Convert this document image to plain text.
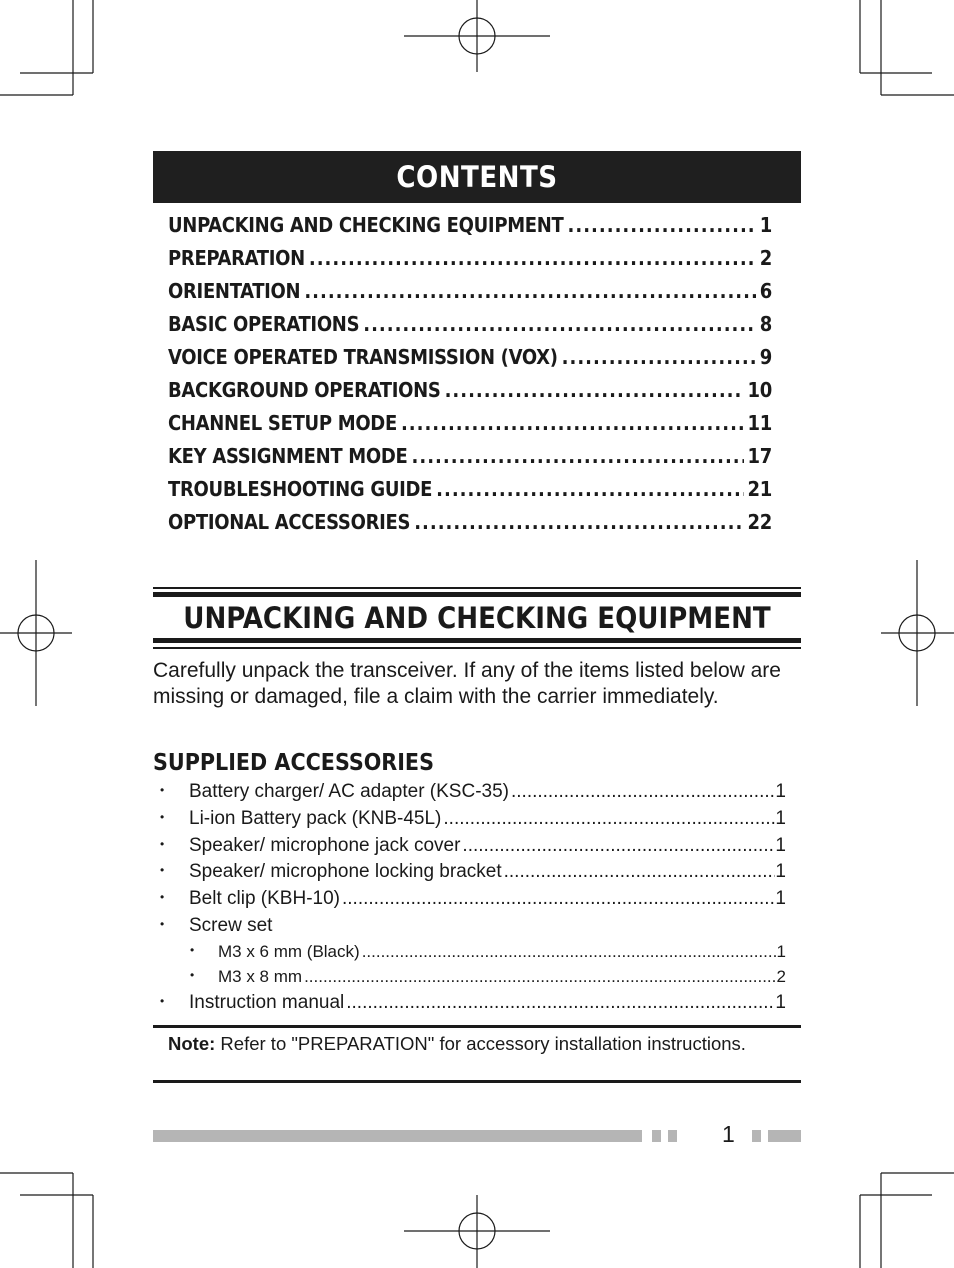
CONTENTS
UNPACKING AND CHECKING EQUIPMENT .....	1
PREPARATION .....	2
ORIENTATION .....	6
BASIC OPERATIONS .....	8
VOICE OPERATED TRANSMISSION (VOX) .....	9
BACKGROUND OPERATIONS .....	10
CHANNEL SETUP MODE .....	11
KEY ASSIGNMENT MODE .....	17
TROUBLESHOOTING GUIDE .....	21
OPTIONAL ACCESSORIES .....	22
UNPACKING AND CHECKING EQUIPMENT
Carefully unpack the transceiver. If any of the items listed below are missing or damaged, file a claim with the carrier immediately.
SUPPLIED ACCESSORIES
•	Battery charger/ AC adapter (KSC-35) .....	1
•	Li-ion Battery pack (KNB-45L) .....	1
•	Speaker/ microphone jack cover .....	1
•	Speaker/ microphone locking bracket .....	1
•	Belt clip (KBH-10) .....	1
•	Screw set
•	M3 x 6 mm (Black) .....	1
•	M3 x 8 mm .....	2
•	Instruction manual .....	1
Note: Refer to "PREPARATION" for accessory installation instructions.
1
